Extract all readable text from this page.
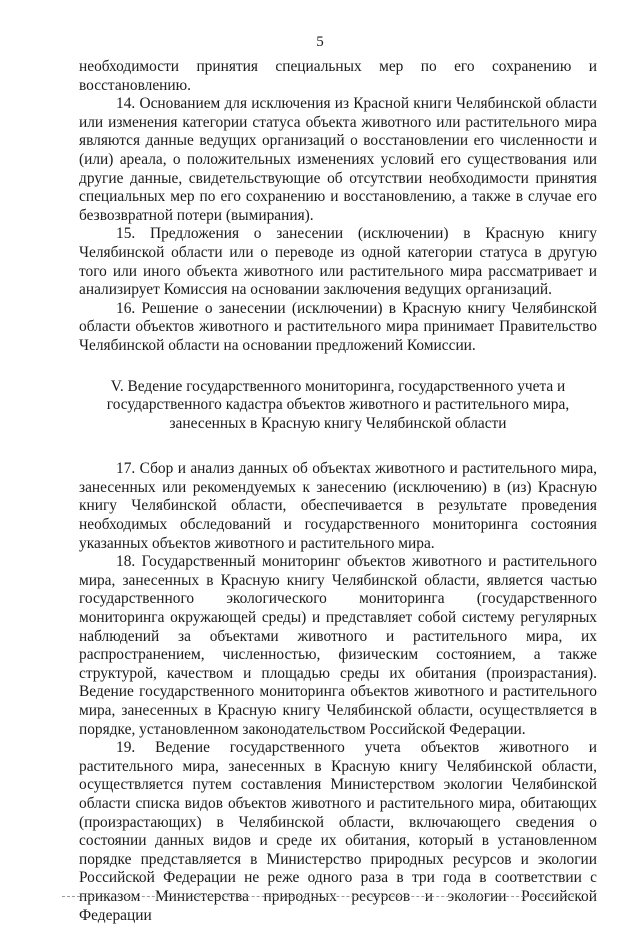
5

необходимости принятия специальных мер по его сохранению и восстановлению.

14. Основанием для исключения из Красной книги Челябинской области или изменения категории статуса объекта животного или растительного мира являются данные ведущих организаций о восстановлении его численности и (или) ареала, о положительных изменениях условий его существования или другие данные, свидетельствующие об отсутствии необходимости принятия специальных мер по его сохранению и восстановлению, а также в случае его безвозвратной потери (вымирания).

15. Предложения о занесении (исключении) в Красную книгу Челябинской области или о переводе из одной категории статуса в другую того или иного объекта животного или растительного мира рассматривает и анализирует Комиссия на основании заключения ведущих организаций.

16. Решение о занесении (исключении) в Красную книгу Челябинской области объектов животного и растительного мира принимает Правительство Челябинской области на основании предложений Комиссии.

V. Ведение государственного мониторинга, государственного учета и
государственного кадастра объектов животного и растительного мира,
занесенных в Красную книгу Челябинской области

17. Сбор и анализ данных об объектах животного и растительного мира, занесенных или рекомендуемых к занесению (исключению) в (из) Красную книгу Челябинской области, обеспечивается в результате проведения необходимых обследований и государственного мониторинга состояния указанных объектов животного и растительного мира.

18. Государственный мониторинг объектов животного и растительного мира, занесенных в Красную книгу Челябинской области, является частью государственного экологического мониторинга (государственного мониторинга окружающей среды) и представляет собой систему регулярных наблюдений за объектами животного и растительного мира, их распространением, численностью, физическим состоянием, а также структурой, качеством и площадью среды их обитания (произрастания). Ведение государственного мониторинга объектов животного и растительного мира, занесенных в Красную книгу Челябинской области, осуществляется в порядке, установленном законодательством Российской Федерации.

19. Ведение государственного учета объектов животного и растительного мира, занесенных в Красную книгу Челябинской области, осуществляется путем составления Министерством экологии Челябинской области списка видов объектов животного и растительного мира, обитающих (произрастающих) в Челябинской области, включающего сведения о состоянии данных видов и среде их обитания, который в установленном порядке представляется в Министерство природных ресурсов и экологии Российской Федерации не реже одного раза в три года в соответствии с приказом Министерства природных ресурсов и экологии Российской Федерации
